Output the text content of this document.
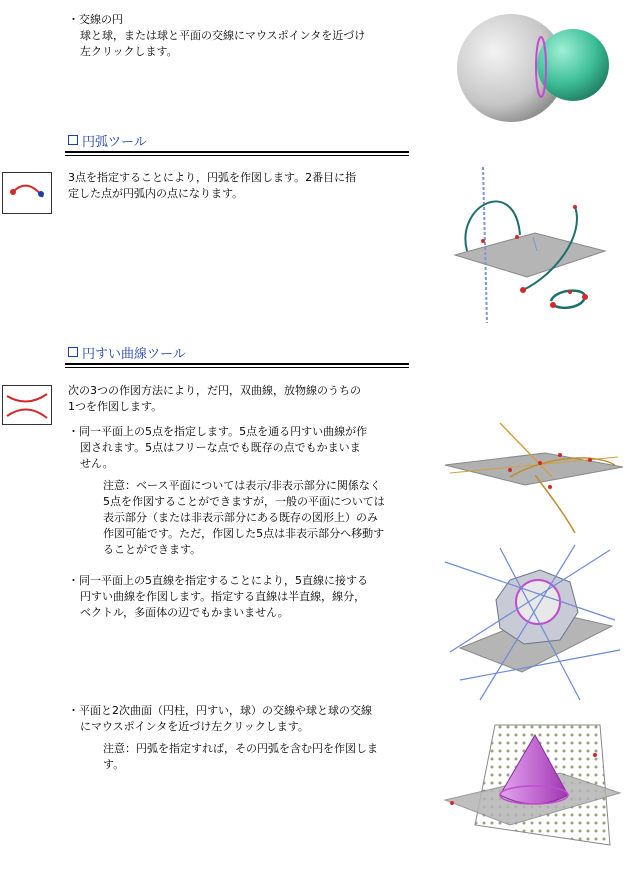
・交線の円
球と球，または球と平面の交線にマウスポインタを近づけ
左クリックします。
円弧ツール
3点を指定することにより，円弧を作図します。2番目に指
定した点が円弧内の点になります。
円すい曲線ツール
次の3つの作図方法により，だ円，双曲線，放物線のうちの
1つを作図します。
・同一平面上の5点を指定します。5点を通る円すい曲線が作
図されます。5点はフリーな点でも既存の点でもかまいま
せん。
注意：ベース平面については表示/非表示部分に関係なく
5点を作図することができますが，一般の平面については
表示部分（または非表示部分にある既存の図形上）のみ
作図可能です。ただ，作図した5点は非表示部分へ移動す
ることができます。
・同一平面上の5直線を指定することにより，5直線に接する
円すい曲線を作図します。指定する直線は半直線，線分，
ベクトル，多面体の辺でもかまいません。
・平面と2次曲面（円柱，円すい，球）の交線や球と球の交線
にマウスポインタを近づけ左クリックします。
注意：円弧を指定すれば，その円弧を含む円を作図しま
す。
